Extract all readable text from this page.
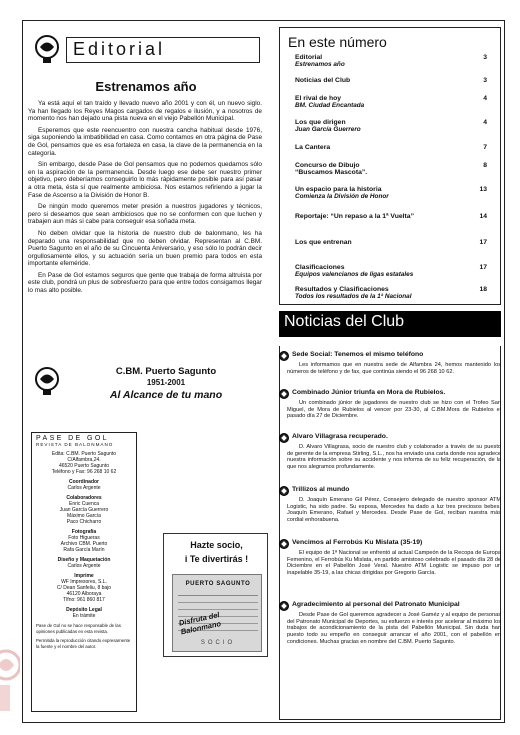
Editorial
Estrenamos año

Ya está aquí el tan traído y llevado nuevo año 2001 y con él, un nuevo siglo. Ya han llegado los Reyes Magos cargados de regalos e ilusión, y a nosotros de momento nos han dejado una pista nueva en el viejo Pabellón Municipal.

Esperemos que este reencuentro con nuestra cancha habitual desde 1976, siga suponiendo la imbatibilidad en casa. Como contamos en otra página de Pase de Gol, pensamos que es esa fortaleza en casa, la clave de la permanencia en la categoría.

Sin embargo, desde Pase de Gol pensamos que no podemos quedarnos sólo en la aspiración de la permanencia. Desde luego ese debe ser nuestro primer objetivo, pero deberíamos conseguirlo lo más rápidamente posible para así pasar a otra meta, ésta sí que realmente ambiciosa. Nos estamos refiriendo a jugar la Fase de Ascenso a la División de Honor B.

De ningún modo queremos meter presión a nuestros jugadores y técnicos, pero si deseamos que sean ambiciosos que no se conformen con que luchen y trabajen aun más si cabe para conseguir esa soñada meta.

No deben olvidar que la historia de nuestro club de balonmano, les ha deparado una responsabilidad que no deben olvidar. Representan al C.BM. Puerto Sagunto en el año de su Cincuenta Aniversario, y eso sólo lo podrán decir orgullosamente ellos, y su actuación sería un buen premio para todos en esta importante efeméride.

En Pase de Gol estamos seguros que gente que trabaja de forma altruista por este club, pondrá un plus de sobresfuerzo para que entre todos consigamos llegar lo mas alto posible.

C.BM. Puerto Sagunto
1951-2001
Al Alcance de tu mano
PASE DE GOL
REVISTA DE BALONMANO
Edita: C.BM. Puerto Sagunto
C/Alfambra,24.
46520 Puerto Sagunto
Teléfono y Fax: 96 268 10 62
Coordinador
Carlos Argente
Colaboradores
Enric Cuenca
Juan García Guerrero
Máximo García
Paco Chicharro
Fotografía
Foto Higueras
Archivo CBM. Puerto
Rafa García Marín
Diseño y Maquetación
Carlos Argente
Imprime
WF Impresores, S.L.
C/ Dean Sanfeliu, 8 bajo
46120 Alboraya
Tlfno: 961 860 817
Depósito Legal
En trámite

Pase de Gol no se hace responsable de las opiniones publicadas en esta revista.

Permitida la reproducción citando expresamente la fuente y el nombre del autor.

Hazte socio,
i Te divertirás !
PUERTO SAGUNTO
Disfruta del Balonmano
SOCIO
En este número
Editorial
Estrenamos año
3
Noticias del Club	3
El rival de hoy
BM. Ciudad Encantada
4
Los que dirigen
Juan García Guerrero
4
La Cantera	7
Concurso de Dibujo
“Buscamos Mascota”.
8
Un espacio para la historia
Comienza la División de Honor
13
Reportaje: “Un repaso a la 1ª Vuelta”	14
Los que entrenan	17
Clasificaciones
Equipos valencianos de ligas estatales
17
Resultados y Clasificaciones
Todos los resultados de la 1ª Nacional
18
Noticias del Club
Sede Social: Tenemos el mismo teléfono
Les informamos que en nuestra sede de Alfambra 24, hemos mantenido los números de teléfono y de fax, que continúa siendo el 96 268 10 62.
Combinado Júnior triunfa en Mora de Rubielos.
Un combinado júnior de jugadores de nuestro club se hizo con el Trofeo San Miguel, de Mora de Rubielos al vencer por 23-30, al C.BM.Mora de Rubielos el pasado día 27 de Diciembre.
Alvaro Villagrasa recuperado.
D. Alvaro Villagrasa, socio de nuestro club y colaborador a través de su puesto de gerente de la empresa Stirling, S.L., nos ha enviado una carta donde nos agradece nuestra información sobre su accidente y nos informa de su feliz recuperación, de la que nos alegramos profundamente.
Trillizos al mundo
D. Joaquín Emerano Gil Pérez, Consejero delegado de nuestro sponsor ATM Logistic, ha sido padre. Su esposa, Mercedes ha dado a luz tres preciosos bebes, Joaquín Emerano, Rafael y Mercedes. Desde Pase de Gol, reciban nuestra más cordial enhorabuena.
Vencimos al Ferrobús Ku Mislata (35-19)
El equipo de 1ª Nacional se enfrentó al actual Campeón de la Recopa de Europa Femenino, el Ferrobús Ku Mislata, en partido amistoso celebrado el pasado día 28 de Diciembre en el Pabellón José Veral. Nuestro ATM Logistic se impuso por un inapelable 35-19, a las chicas dirigidas por Gregorio García.
Agradecimiento al personal del Patronato Municipal
Desde Pase de Gol queremos agradecer a José Gaméz y al equipo de personas del Patronato Municipal de Deportes, su esfuerzo e interés por acelerar al máximo los trabajos de acondicionamiento de la pista del Pabellón Municipal. Sin duda han puesto todo su empeño en conseguir arrancar el año 2001, con el pabellón en condiciones. Muchas gracias en nombre del C.BM. Puerto Sagunto.
